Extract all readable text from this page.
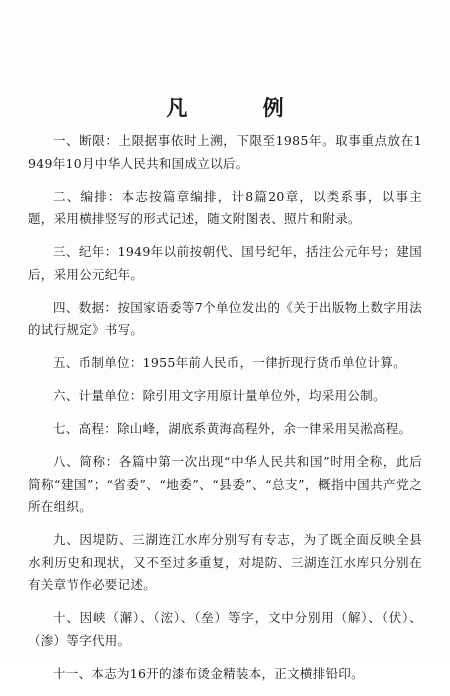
凡 例

一、断限：上限据事依时上溯，下限至1985年。取事重点放在1949年10月中华人民共和国成立以后。

二、编排：本志按篇章编排，计8篇20章，以类系事，以事主题，采用横排竖写的形式记述，随文附图表、照片和附录。

三、纪年：1949年以前按朝代、国号纪年，括注公元年号；建国后，采用公元纪年。

四、数据：按国家语委等7个单位发出的《关于出版物上数字用法的试行规定》书写。

五、币制单位：1955年前人民币，一律折现行货币单位计算。

六、计量单位：除引用文字用原计量单位外，均采用公制。

七、高程：除山峰，湖底系黄海高程外，余一律采用吴淞高程。

八、简称：各篇中第一次出现“中华人民共和国”时用全称，此后简称“建国”；“省委”、“地委”、“县委”、“总支”，概指中国共产党之所在组织。

九、因堤防、三湖连江水库分别写有专志，为了既全面反映全县水利历史和现状，又不至过多重复，对堤防、三湖连江水库只分别在有关章节作必要记述。

十、因峡（澥）、（浤）、（垒）等字，文中分别用（解）、（伏）、（渗）等字代用。

十一、本志为16开的漆布烫金精装本，正文横排铅印。
